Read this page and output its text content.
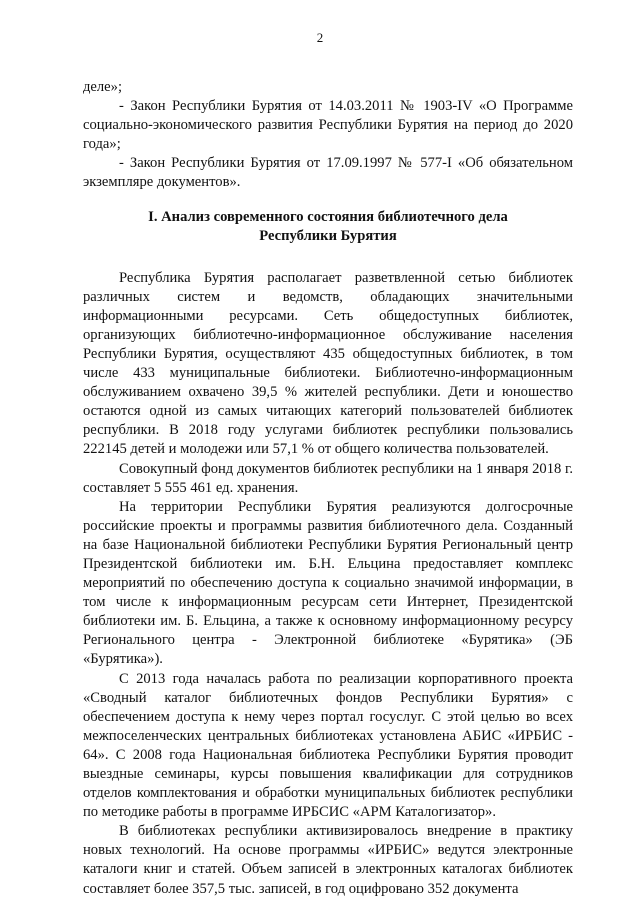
2

деле»;

- Закон Республики Бурятия от 14.03.2011 № 1903-IV «О Программе социально-экономического развития Республики Бурятия на период до 2020 года»;

- Закон Республики Бурятия от 17.09.1997 № 577-I «Об обязательном экземпляре документов».

I. Анализ современного состояния библиотечного дела
Республики Бурятия

Республика Бурятия располагает разветвленной сетью библиотек различных систем и ведомств, обладающих значительными информационными ресурсами. Сеть общедоступных библиотек, организующих библиотечно-информационное обслуживание населения Республики Бурятия, осуществляют 435 общедоступных библиотек, в том числе 433 муниципальные библиотеки. Библиотечно-информационным обслуживанием охвачено 39,5 % жителей республики. Дети и юношество остаются одной из самых читающих категорий пользователей библиотек республики. В 2018 году услугами библиотек республики пользовались 222145 детей и молодежи или 57,1 % от общего количества пользователей.

Совокупный фонд документов библиотек республики на 1 января 2018 г. составляет 5 555 461 ед. хранения.

На территории Республики Бурятия реализуются долгосрочные российские проекты и программы развития библиотечного дела. Созданный на базе Национальной библиотеки Республики Бурятия Региональный центр Президентской библиотеки им. Б.Н. Ельцина предоставляет комплекс мероприятий по обеспечению доступа к социально значимой информации, в том числе к информационным ресурсам сети Интернет, Президентской библиотеки им. Б. Ельцина, а также к основному информационному ресурсу Регионального центра - Электронной библиотеке «Бурятика» (ЭБ «Бурятика»).

С 2013 года началась работа по реализации корпоративного проекта «Сводный каталог библиотечных фондов Республики Бурятия» с обеспечением доступа к нему через портал госуслуг. С этой целью во всех межпоселенческих центральных библиотеках установлена АБИС «ИРБИС - 64». С 2008 года Национальная библиотека Республики Бурятия проводит выездные семинары, курсы повышения квалификации для сотрудников отделов комплектования и обработки муниципальных библиотек республики по методике работы в программе ИРБСИС «АРМ Каталогизатор».

В библиотеках республики активизировалось внедрение в практику новых технологий. На основе программы «ИРБИС» ведутся электронные каталоги книг и статей. Объем записей в электронных каталогах библиотек составляет более 357,5 тыс. записей, в год оцифровано 352 документа
